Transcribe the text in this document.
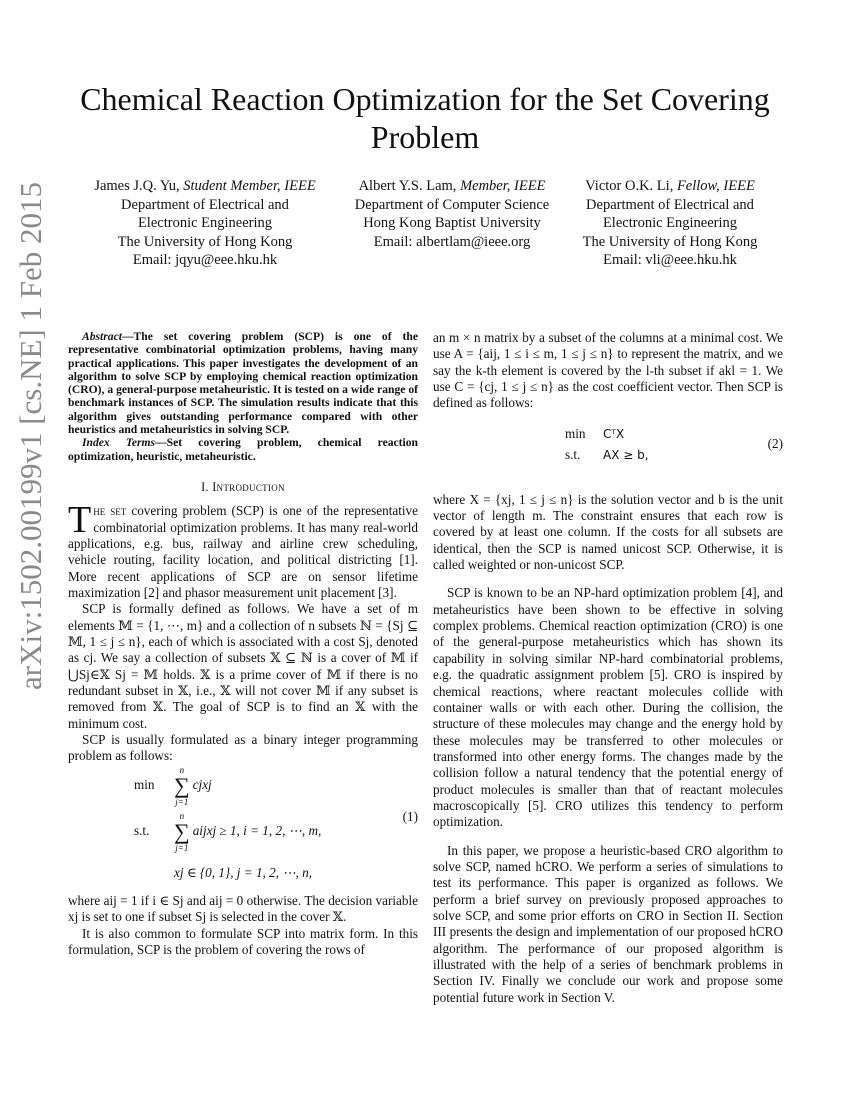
arXiv:1502.00199v1 [cs.NE] 1 Feb 2015
Chemical Reaction Optimization for the Set Covering Problem
James J.Q. Yu, Student Member, IEEE
Department of Electrical and
Electronic Engineering
The University of Hong Kong
Email: jqyu@eee.hku.hk
Albert Y.S. Lam, Member, IEEE
Department of Computer Science
Hong Kong Baptist University
Email: albertlam@ieee.org
Victor O.K. Li, Fellow, IEEE
Department of Electrical and
Electronic Engineering
The University of Hong Kong
Email: vli@eee.hku.hk

Abstract—The set covering problem (SCP) is one of the representative combinatorial optimization problems, having many practical applications. This paper investigates the development of an algorithm to solve SCP by employing chemical reaction optimization (CRO), a general-purpose metaheuristic. It is tested on a wide range of benchmark instances of SCP. The simulation results indicate that this algorithm gives outstanding performance compared with other heuristics and metaheuristics in solving SCP.

Index Terms—Set covering problem, chemical reaction optimization, heuristic, metaheuristic.

I. Introduction

The set covering problem (SCP) is one of the representative combinatorial optimization problems. It has many real-world applications, e.g. bus, railway and airline crew scheduling, vehicle routing, facility location, and political districting [1]. More recent applications of SCP are on sensor lifetime maximization [2] and phasor measurement unit placement [3].

SCP is formally defined as follows. We have a set of m elements 𝕄 = {1, ⋯, m} and a collection of n subsets ℕ = {Sj ⊆ 𝕄, 1 ≤ j ≤ n}, each of which is associated with a cost Sj, denoted as cj. We say a collection of subsets 𝕏 ⊆ ℕ is a cover of 𝕄 if ⋃Sj∈𝕏 Sj = 𝕄 holds. 𝕏 is a prime cover of 𝕄 if there is no redundant subset in 𝕏, i.e., 𝕏 will not cover 𝕄 if any subset is removed from 𝕏. The goal of SCP is to find an 𝕏 with the minimum cost.

SCP is usually formulated as a binary integer programming problem as follows:

min
n
∑
j=1
cjxj
s.t.
n
∑
j=1
aijxj ≥ 1, i = 1, 2, ⋯, m,
xj ∈ {0, 1}, j = 1, 2, ⋯, n,
(1)

where aij = 1 if i ∈ Sj and aij = 0 otherwise. The decision variable xj is set to one if subset Sj is selected in the cover 𝕏.

It is also common to formulate SCP into matrix form. In this formulation, SCP is the problem of covering the rows of

an m × n matrix by a subset of the columns at a minimal cost. We use A = {aij, 1 ≤ i ≤ m, 1 ≤ j ≤ n} to represent the matrix, and we say the k-th element is covered by the l-th subset if akl = 1. We use C = {cj, 1 ≤ j ≤ n} as the cost coefficient vector. Then SCP is defined as follows:

min CᵀX
s.t. AX ≥ b,
(2)

where X = {xj, 1 ≤ j ≤ n} is the solution vector and b is the unit vector of length m. The constraint ensures that each row is covered by at least one column. If the costs for all subsets are identical, then the SCP is named unicost SCP. Otherwise, it is called weighted or non-unicost SCP.

SCP is known to be an NP-hard optimization problem [4], and metaheuristics have been shown to be effective in solving complex problems. Chemical reaction optimization (CRO) is one of the general-purpose metaheuristics which has shown its capability in solving similar NP-hard combinatorial problems, e.g. the quadratic assignment problem [5]. CRO is inspired by chemical reactions, where reactant molecules collide with container walls or with each other. During the collision, the structure of these molecules may change and the energy hold by these molecules may be transferred to other molecules or transformed into other energy forms. The changes made by the collision follow a natural tendency that the potential energy of product molecules is smaller than that of reactant molecules macroscopically [5]. CRO utilizes this tendency to perform optimization.

In this paper, we propose a heuristic-based CRO algorithm to solve SCP, named hCRO. We perform a series of simulations to test its performance. This paper is organized as follows. We perform a brief survey on previously proposed approaches to solve SCP, and some prior efforts on CRO in Section II. Section III presents the design and implementation of our proposed hCRO algorithm. The performance of our proposed algorithm is illustrated with the help of a series of benchmark problems in Section IV. Finally we conclude our work and propose some potential future work in Section V.
